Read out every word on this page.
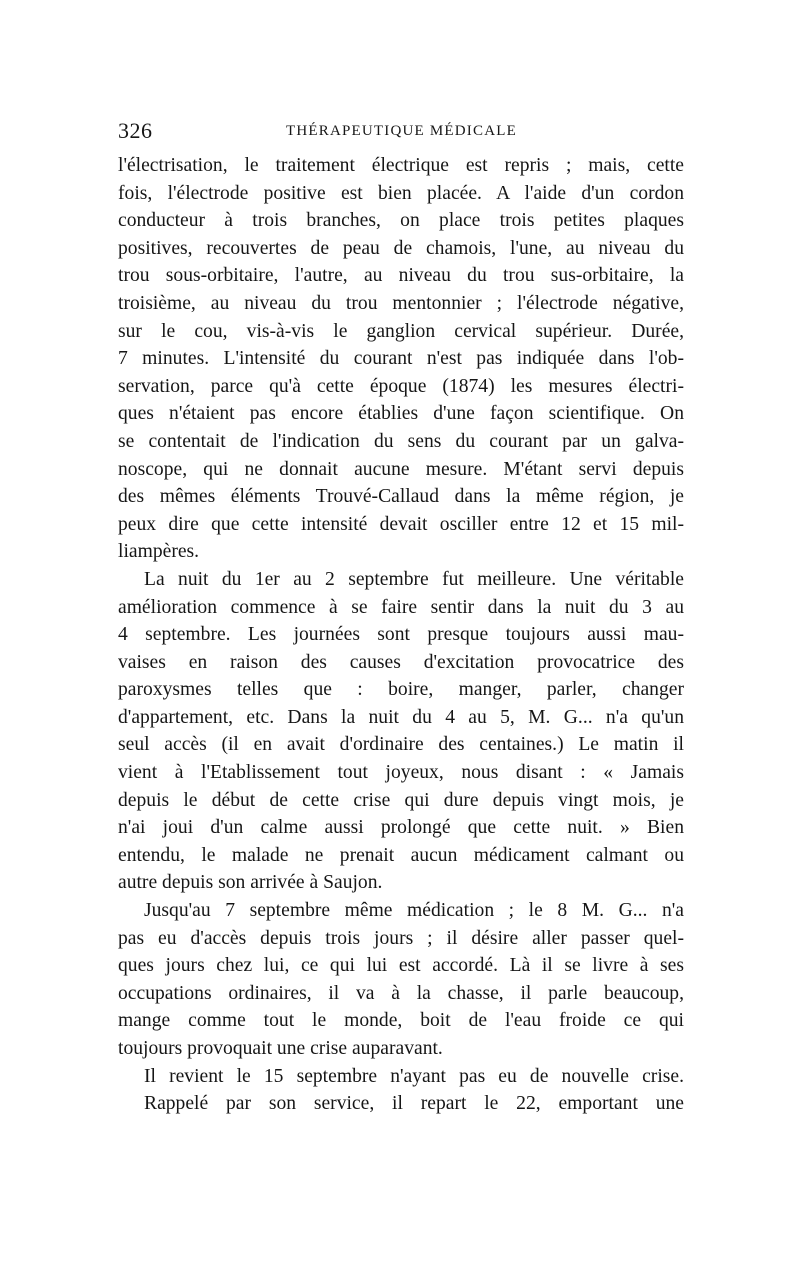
326	THÉRAPEUTIQUE MÉDICALE
l'électrisation, le traitement électrique est repris ; mais, cette
fois, l'électrode positive est bien placée. A l'aide d'un cordon
conducteur à trois branches, on place trois petites plaques
positives, recouvertes de peau de chamois, l'une, au niveau du
trou sous-orbitaire, l'autre, au niveau du trou sus-orbitaire, la
troisième, au niveau du trou mentonnier ; l'électrode négative,
sur le cou, vis-à-vis le ganglion cervical supérieur. Durée,
7 minutes. L'intensité du courant n'est pas indiquée dans l'ob-
servation, parce qu'à cette époque (1874) les mesures électri-
ques n'étaient pas encore établies d'une façon scientifique. On
se contentait de l'indication du sens du courant par un galva-
noscope, qui ne donnait aucune mesure. M'étant servi depuis
des mêmes éléments Trouvé-Callaud dans la même région, je
peux dire que cette intensité devait osciller entre 12 et 15 mil-
liampères.
La nuit du 1er au 2 septembre fut meilleure. Une véritable
amélioration commence à se faire sentir dans la nuit du 3 au
4 septembre. Les journées sont presque toujours aussi mau-
vaises en raison des causes d'excitation provocatrice des
paroxysmes telles que : boire, manger, parler, changer
d'appartement, etc. Dans la nuit du 4 au 5, M. G... n'a qu'un
seul accès (il en avait d'ordinaire des centaines.) Le matin il
vient à l'Etablissement tout joyeux, nous disant : « Jamais
depuis le début de cette crise qui dure depuis vingt mois, je
n'ai joui d'un calme aussi prolongé que cette nuit. » Bien
entendu, le malade ne prenait aucun médicament calmant ou
autre depuis son arrivée à Saujon.
Jusqu'au 7 septembre même médication ; le 8 M. G... n'a
pas eu d'accès depuis trois jours ; il désire aller passer quel-
ques jours chez lui, ce qui lui est accordé. Là il se livre à ses
occupations ordinaires, il va à la chasse, il parle beaucoup,
mange comme tout le monde, boit de l'eau froide ce qui
toujours provoquait une crise auparavant.
Il revient le 15 septembre n'ayant pas eu de nouvelle crise.
Rappelé par son service, il repart le 22, emportant une
